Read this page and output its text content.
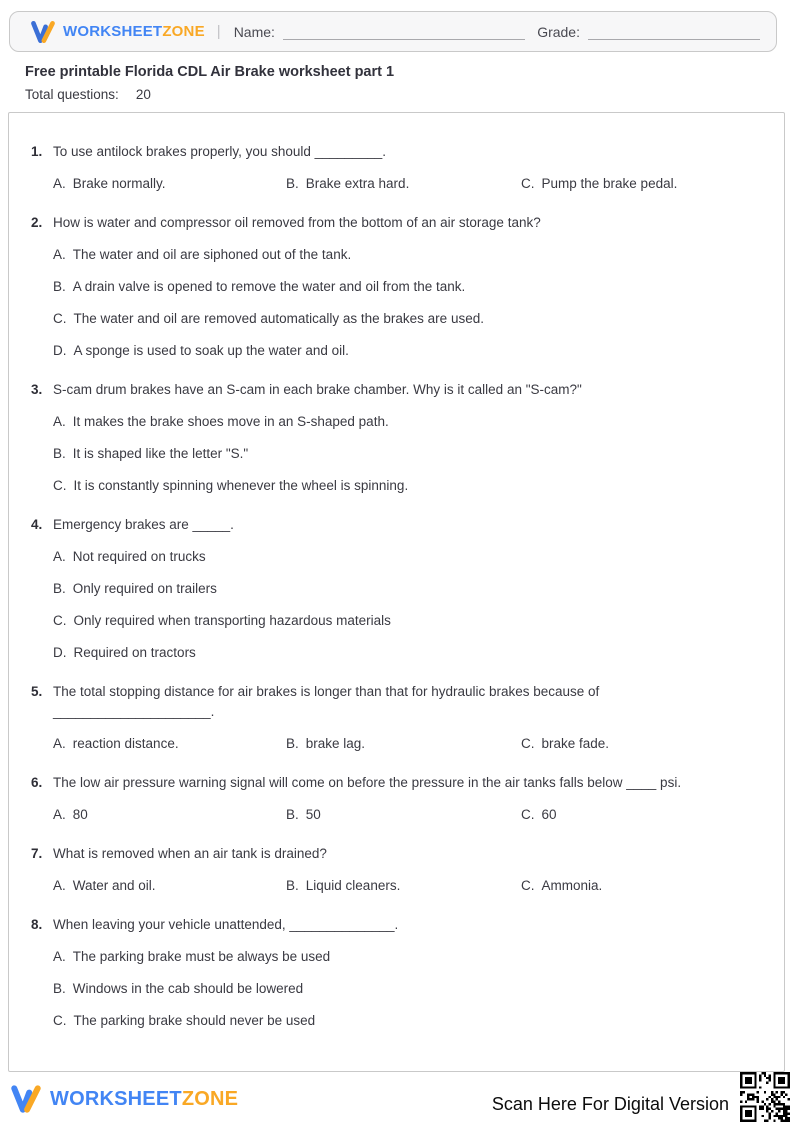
WORKSHEETZONE | Name:	Grade:
Free printable Florida CDL Air Brake worksheet part 1
Total questions: 20
1. To use antilock brakes properly, you should _________.
A. Brake normally.	B. Brake extra hard.	C. Pump the brake pedal.
2. How is water and compressor oil removed from the bottom of an air storage tank?
A. The water and oil are siphoned out of the tank.
B. A drain valve is opened to remove the water and oil from the tank.
C. The water and oil are removed automatically as the brakes are used.
D. A sponge is used to soak up the water and oil.
3. S-cam drum brakes have an S-cam in each brake chamber. Why is it called an "S-cam?"
A. It makes the brake shoes move in an S-shaped path.
B. It is shaped like the letter "S."
C. It is constantly spinning whenever the wheel is spinning.
4. Emergency brakes are _____.
A. Not required on trucks
B. Only required on trailers
C. Only required when transporting hazardous materials
D. Required on tractors
5. The total stopping distance for air brakes is longer than that for hydraulic brakes because of
_____________________.
A. reaction distance.	B. brake lag.	C. brake fade.
6. The low air pressure warning signal will come on before the pressure in the air tanks falls below ____ psi.
A. 80	B. 50	C. 60
7. What is removed when an air tank is drained?
A. Water and oil.	B. Liquid cleaners.	C. Ammonia.
8. When leaving your vehicle unattended, ______________.
A. The parking brake must be always be used
B. Windows in the cab should be lowered
C. The parking brake should never be used
WORKSHEETZONE	Scan Here For Digital Version
